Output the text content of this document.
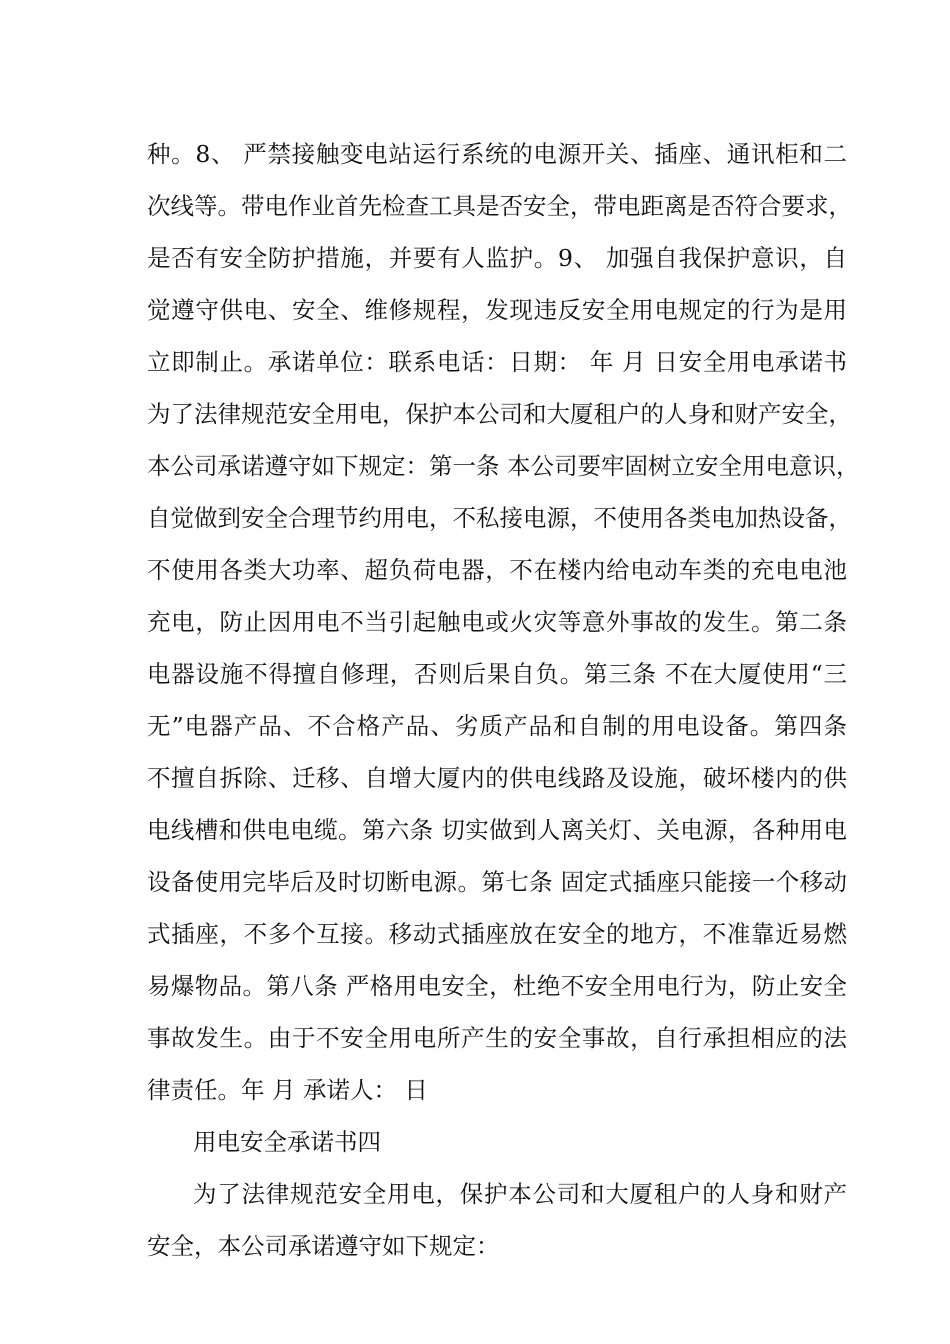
种。8、 严禁接触变电站运行系统的电源开关、插座、通讯柜和二
次线等。带电作业首先检查工具是否安全，带电距离是否符合要求，
是否有安全防护措施，并要有人监护。9、 加强自我保护意识，自
觉遵守供电、安全、维修规程，发现违反安全用电规定的行为是用
立即制止。承诺单位：联系电话：日期： 年 月 日安全用电承诺书
为了法律规范安全用电，保护本公司和大厦租户的人身和财产安全，
本公司承诺遵守如下规定：第一条 本公司要牢固树立安全用电意识，
自觉做到安全合理节约用电，不私接电源，不使用各类电加热设备，
不使用各类大功率、超负荷电器，不在楼内给电动车类的充电电池
充电，防止因用电不当引起触电或火灾等意外事故的发生。第二条
电器设施不得擅自修理，否则后果自负。第三条 不在大厦使用“三
无”电器产品、不合格产品、劣质产品和自制的用电设备。第四条
不擅自拆除、迁移、自增大厦内的供电线路及设施，破坏楼内的供
电线槽和供电电缆。第六条 切实做到人离关灯、关电源，各种用电
设备使用完毕后及时切断电源。第七条 固定式插座只能接一个移动
式插座，不多个互接。移动式插座放在安全的地方，不准靠近易燃
易爆物品。第八条 严格用电安全，杜绝不安全用电行为，防止安全
事故发生。由于不安全用电所产生的安全事故，自行承担相应的法
律责任。年 月 承诺人： 日
用电安全承诺书四
为了法律规范安全用电，保护本公司和大厦租户的人身和财产
安全，本公司承诺遵守如下规定：
